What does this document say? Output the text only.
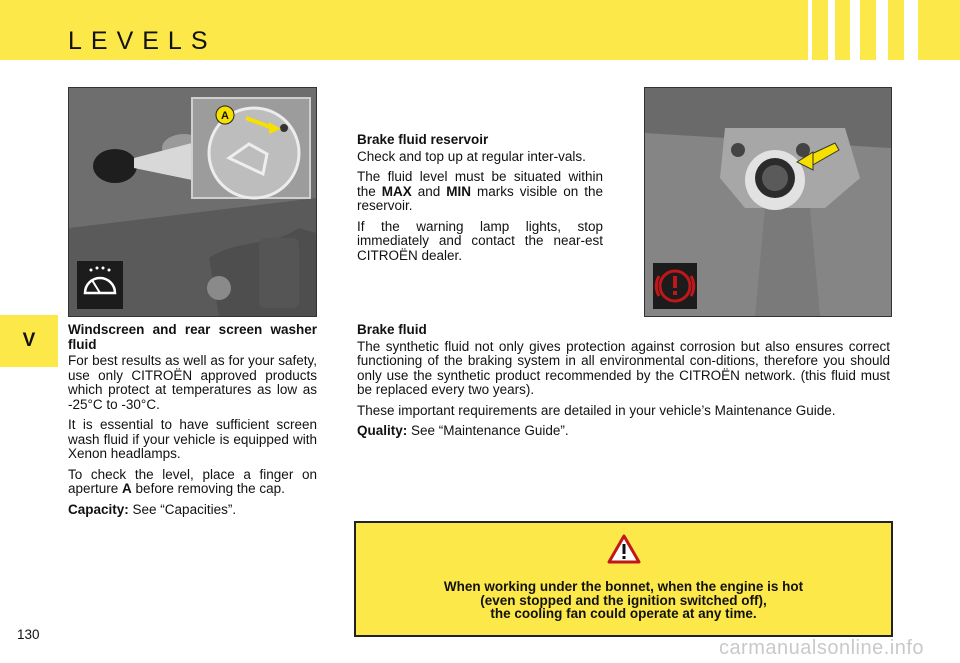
LEVELS
V
A

Brake fluid reservoir

Check and top up at regular inter-vals.

The fluid level must be situated within the MAX and MIN marks visible on the reservoir.

If the warning lamp lights, stop immediately and contact the near-est CITROËN dealer.

Windscreen and rear screen washer fluid

For best results as well as for your safety, use only CITROËN approved products which protect at temperatures as low as -25°C to -30°C.

It is essential to have sufficient screen wash fluid if your vehicle is equipped with Xenon headlamps.

To check the level, place a finger on aperture A before removing the cap.

Capacity: See “Capacities”.

Brake fluid

The synthetic fluid not only gives protection against corrosion but also ensures correct functioning of the braking system in all environmental con-ditions, therefore you should only use the synthetic product recommended by the CITROËN network. (this fluid must be replaced every two years).

These important requirements are detailed in your vehicle’s Maintenance Guide.

Quality: See “Maintenance Guide”.

When working under the bonnet, when the engine is hot
(even stopped and the ignition switched off),
the cooling fan could operate at any time.
130
carmanualsonline.info
